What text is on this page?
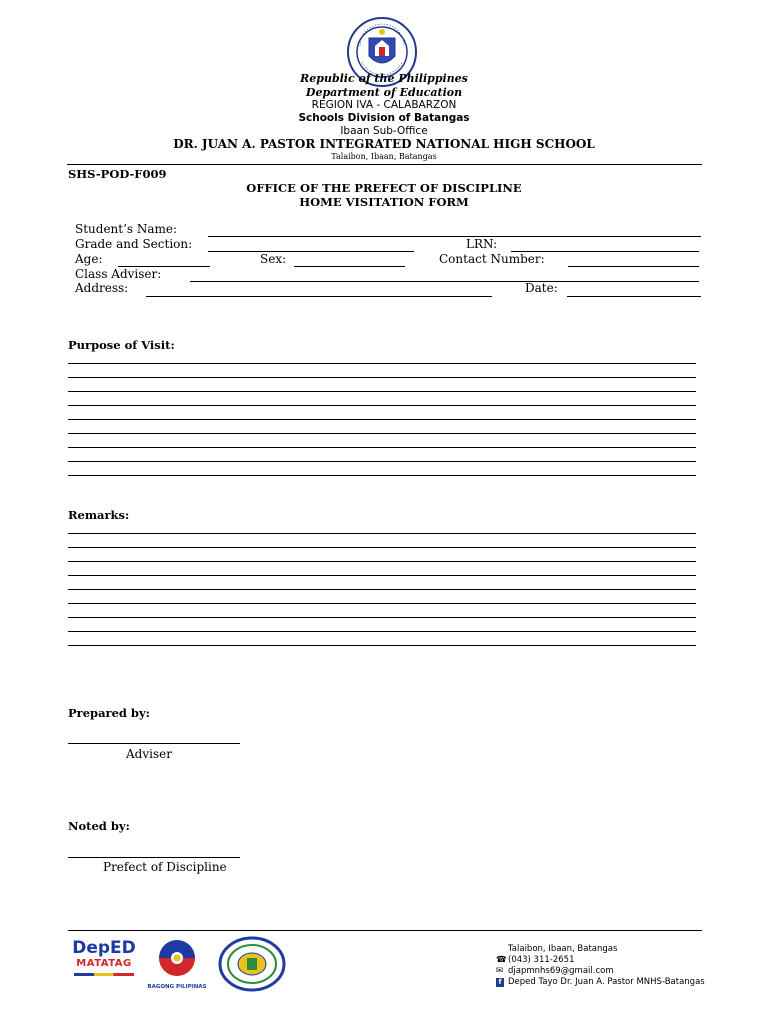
Republic of the Philippines
Department of Education
REGION IVA - CALABARZON
Schools Division of Batangas
Ibaan Sub-Office
DR. JUAN A. PASTOR INTEGRATED NATIONAL HIGH SCHOOL
Talaibon, Ibaan, Batangas
SHS-POD-F009
OFFICE OF THE PREFECT OF DISCIPLINE
HOME VISITATION FORM
Student’s Name:
Grade and Section:	LRN:
Age:	Sex:	Contact Number:
Class Adviser:
Address:	Date:
Purpose of Visit:
Remarks:
Prepared by:
Adviser
Noted by:
Prefect of Discipline
DepED
MATATAG
BAGONG PILIPINAS
Talaibon, Ibaan, Batangas
☎(043) 311-2651
✉ djapmnhs69@gmail.com
f Deped Tayo Dr. Juan A. Pastor MNHS-Batangas
